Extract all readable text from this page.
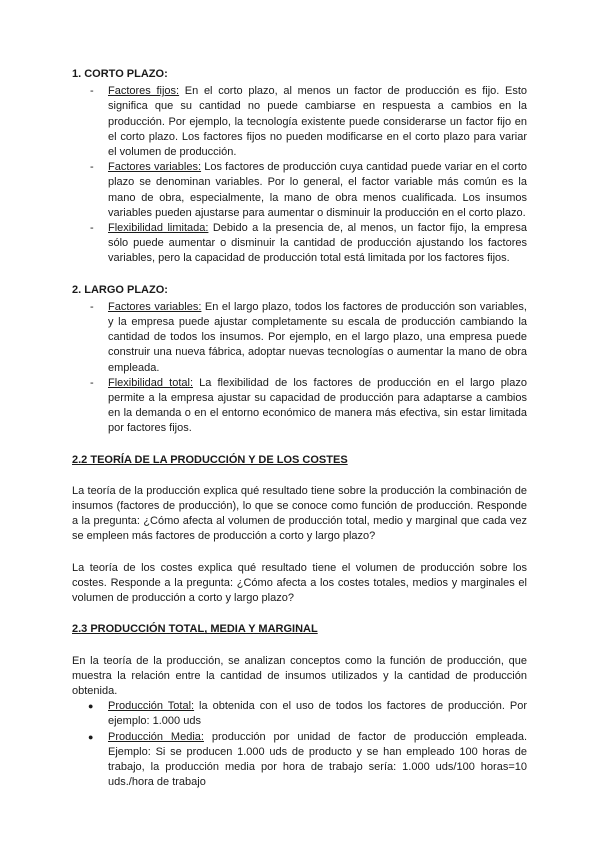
1. CORTO PLAZO:
- Factores fijos: En el corto plazo, al menos un factor de producción es fijo. Esto significa que su cantidad no puede cambiarse en respuesta a cambios en la producción. Por ejemplo, la tecnología existente puede considerarse un factor fijo en el corto plazo. Los factores fijos no pueden modificarse en el corto plazo para variar el volumen de producción.
- Factores variables: Los factores de producción cuya cantidad puede variar en el corto plazo se denominan variables. Por lo general, el factor variable más común es la mano de obra, especialmente, la mano de obra menos cualificada. Los insumos variables pueden ajustarse para aumentar o disminuir la producción en el corto plazo.
- Flexibilidad limitada: Debido a la presencia de, al menos, un factor fijo, la empresa sólo puede aumentar o disminuir la cantidad de producción ajustando los factores variables, pero la capacidad de producción total está limitada por los factores fijos.
2. LARGO PLAZO:
- Factores variables: En el largo plazo, todos los factores de producción son variables, y la empresa puede ajustar completamente su escala de producción cambiando la cantidad de todos los insumos. Por ejemplo, en el largo plazo, una empresa puede construir una nueva fábrica, adoptar nuevas tecnologías o aumentar la mano de obra empleada.
- Flexibilidad total: La flexibilidad de los factores de producción en el largo plazo permite a la empresa ajustar su capacidad de producción para adaptarse a cambios en la demanda o en el entorno económico de manera más efectiva, sin estar limitada por factores fijos.
2.2 TEORÍA DE LA PRODUCCIÓN Y DE LOS COSTES

La teoría de la producción explica qué resultado tiene sobre la producción la combinación de insumos (factores de producción), lo que se conoce como función de producción. Responde a la pregunta: ¿Cómo afecta al volumen de producción total, medio y marginal que cada vez se empleen más factores de producción a corto y largo plazo?

La teoría de los costes explica qué resultado tiene el volumen de producción sobre los costes. Responde a la pregunta: ¿Cómo afecta a los costes totales, medios y marginales el volumen de producción a corto y largo plazo?

2.3 PRODUCCIÓN TOTAL, MEDIA Y MARGINAL

En la teoría de la producción, se analizan conceptos como la función de producción, que muestra la relación entre la cantidad de insumos utilizados y la cantidad de producción obtenida.

● Producción Total: la obtenida con el uso de todos los factores de producción. Por ejemplo: 1.000 uds
● Producción Media: producción por unidad de factor de producción empleada. Ejemplo: Si se producen 1.000 uds de producto y se han empleado 100 horas de trabajo, la producción media por hora de trabajo sería: 1.000 uds/100 horas=10 uds./hora de trabajo
